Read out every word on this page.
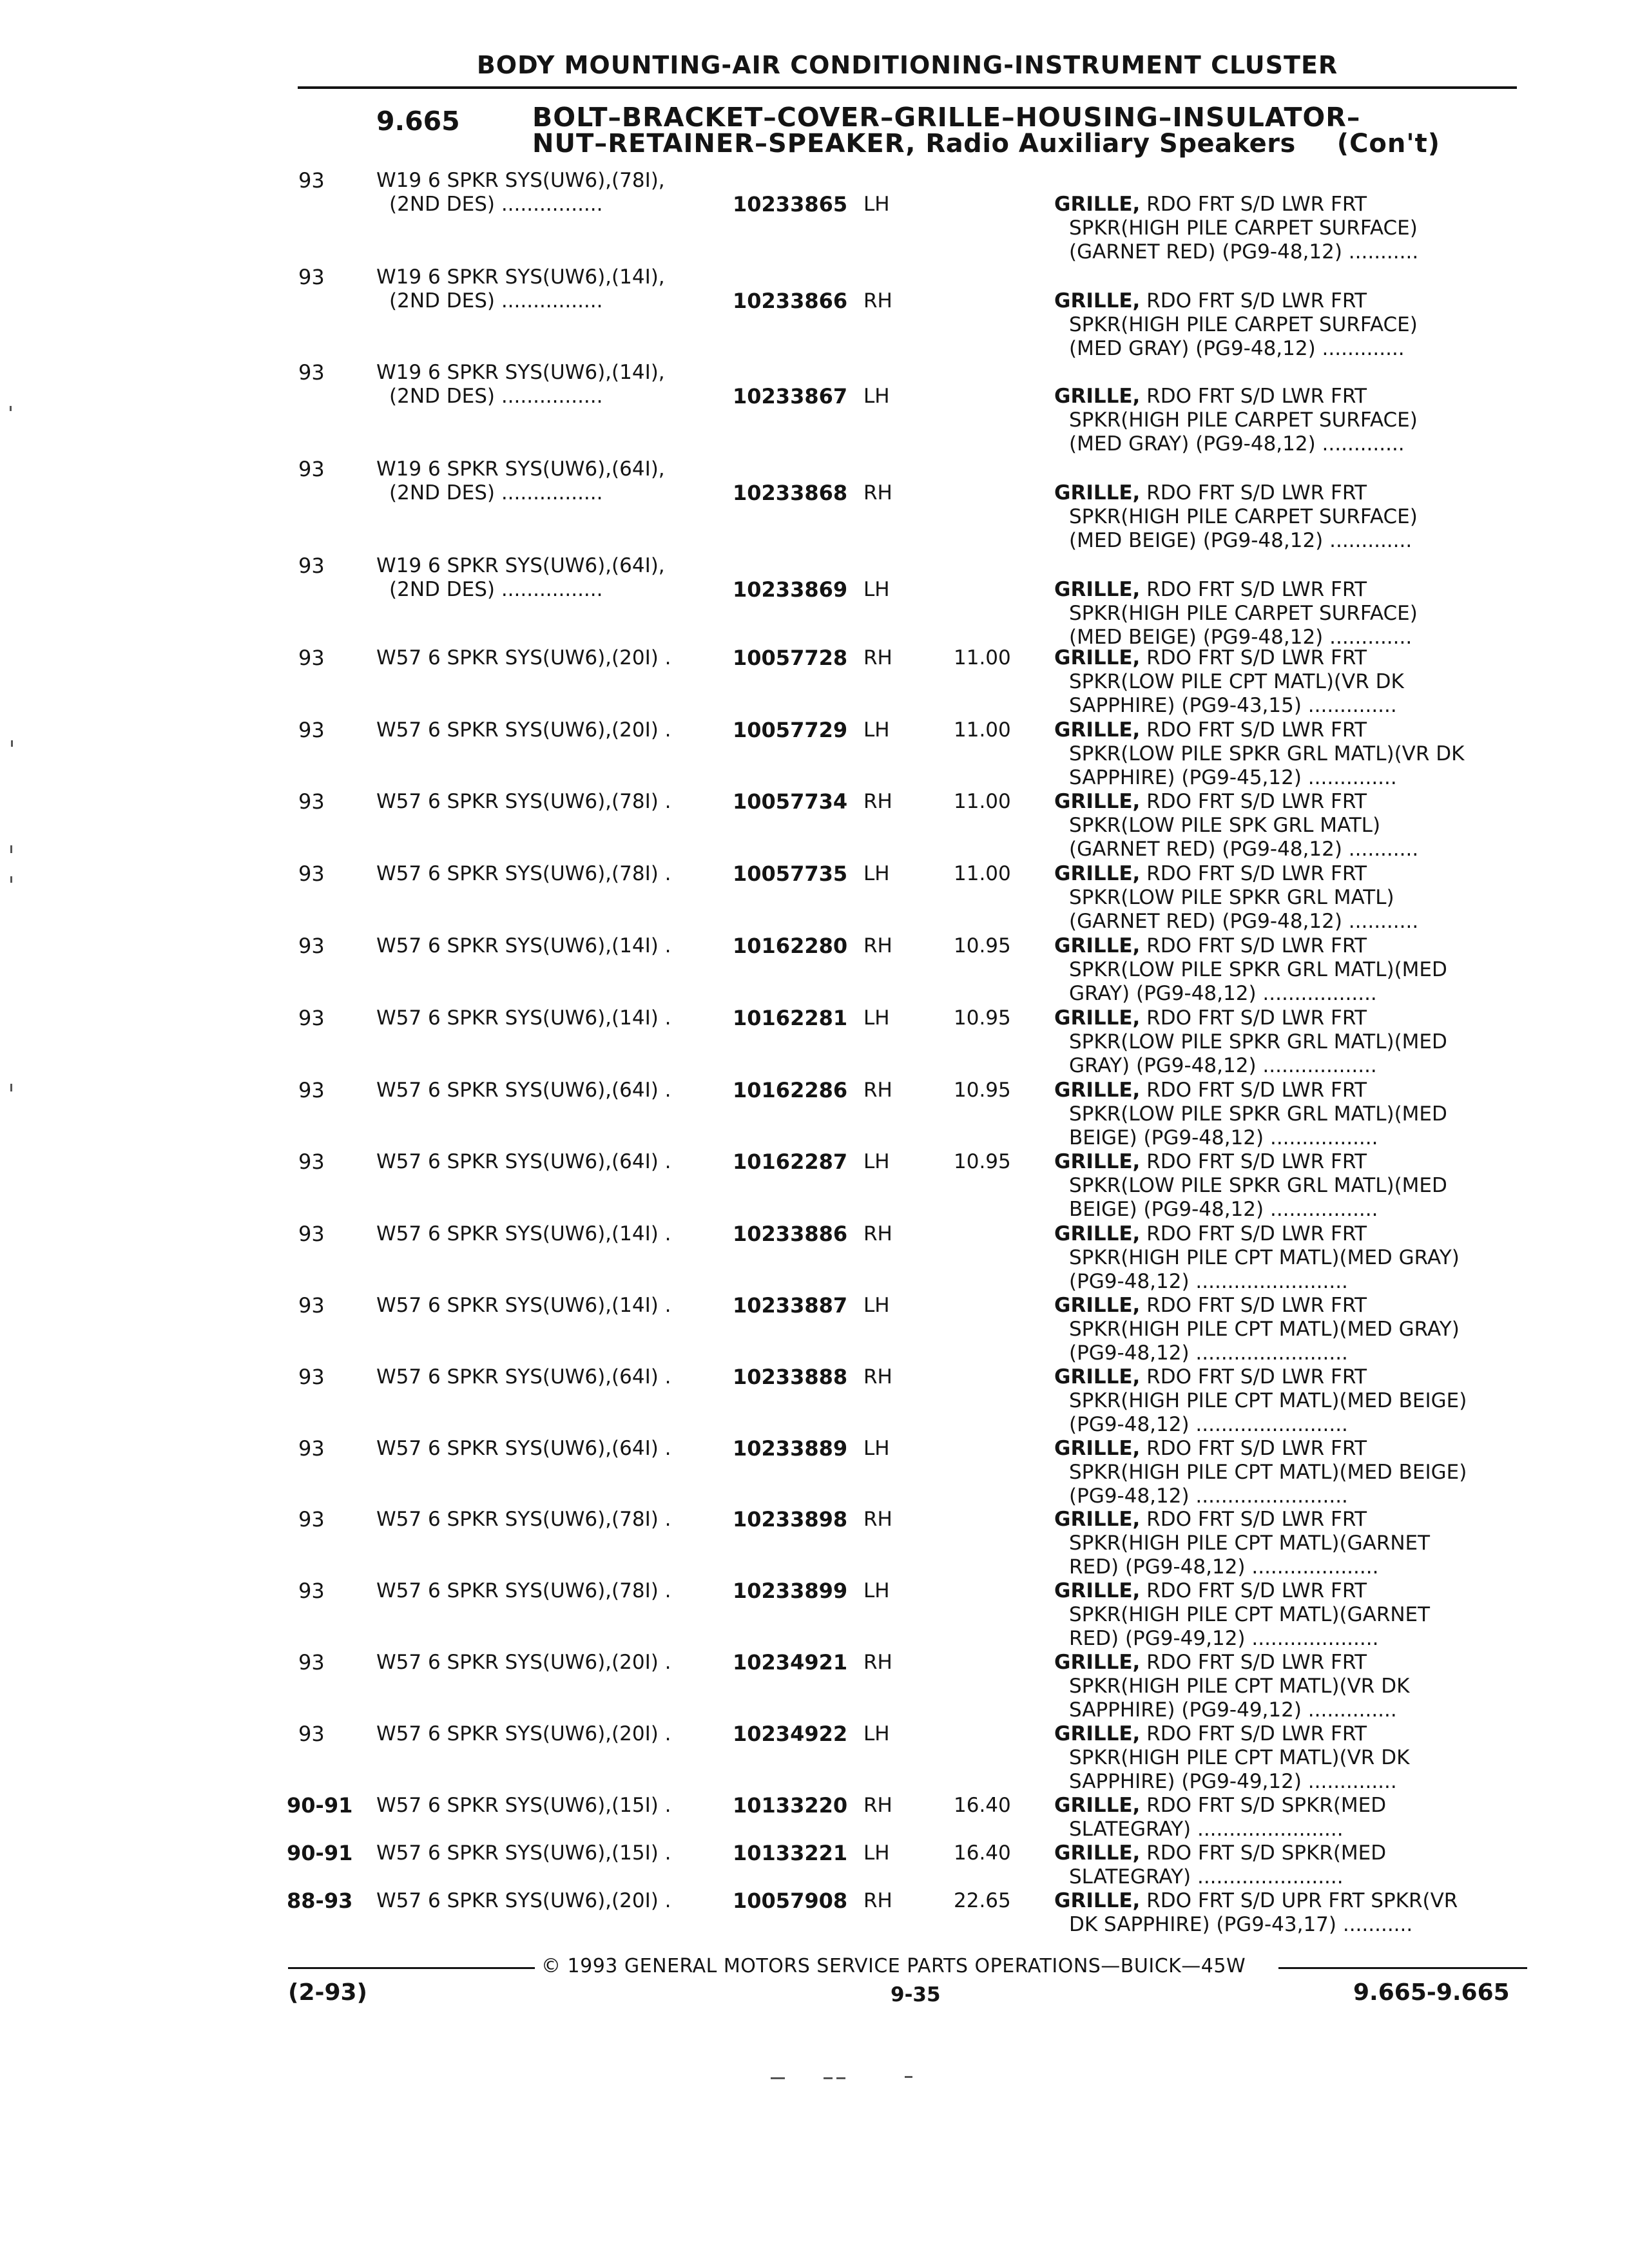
BODY MOUNTING-AIR CONDITIONING-INSTRUMENT CLUSTER
9.665	BOLT–BRACKET–COVER–GRILLE–HOUSING–INSULATOR–
NUT–RETAINER–SPEAKER, Radio Auxiliary Speakers (Con't)
93	W19 6 SPKR SYS(UW6),(78I),
(2ND DES) ................	10233865 LH	GRILLE, RDO FRT S/D LWR FRT
SPKR(HIGH PILE CARPET SURFACE)
(GARNET RED) (PG9-48,12) ...........
93	W19 6 SPKR SYS(UW6),(14I),
(2ND DES) ................	10233866 RH	GRILLE, RDO FRT S/D LWR FRT
SPKR(HIGH PILE CARPET SURFACE)
(MED GRAY) (PG9-48,12) .............
93	W19 6 SPKR SYS(UW6),(14I),
(2ND DES) ................	10233867 LH	GRILLE, RDO FRT S/D LWR FRT
SPKR(HIGH PILE CARPET SURFACE)
(MED GRAY) (PG9-48,12) .............
93	W19 6 SPKR SYS(UW6),(64I),
(2ND DES) ................	10233868 RH	GRILLE, RDO FRT S/D LWR FRT
SPKR(HIGH PILE CARPET SURFACE)
(MED BEIGE) (PG9-48,12) .............
93	W19 6 SPKR SYS(UW6),(64I),
(2ND DES) ................	10233869 LH	GRILLE, RDO FRT S/D LWR FRT
SPKR(HIGH PILE CARPET SURFACE)
(MED BEIGE) (PG9-48,12) .............
93	W57 6 SPKR SYS(UW6),(20I) .	10057728 RH	11.00 GRILLE, RDO FRT S/D LWR FRT
SPKR(LOW PILE CPT MATL)(VR DK
SAPPHIRE) (PG9-43,15) ..............
93	W57 6 SPKR SYS(UW6),(20I) .	10057729 LH	11.00 GRILLE, RDO FRT S/D LWR FRT
SPKR(LOW PILE SPKR GRL MATL)(VR DK
SAPPHIRE) (PG9-45,12) ..............
93	W57 6 SPKR SYS(UW6),(78I) .	10057734 RH	11.00 GRILLE, RDO FRT S/D LWR FRT
SPKR(LOW PILE SPK GRL MATL)
(GARNET RED) (PG9-48,12) ...........
93	W57 6 SPKR SYS(UW6),(78I) .	10057735 LH	11.00 GRILLE, RDO FRT S/D LWR FRT
SPKR(LOW PILE SPKR GRL MATL)
(GARNET RED) (PG9-48,12) ...........
93	W57 6 SPKR SYS(UW6),(14I) .	10162280 RH	10.95 GRILLE, RDO FRT S/D LWR FRT
SPKR(LOW PILE SPKR GRL MATL)(MED
GRAY) (PG9-48,12) ..................
93	W57 6 SPKR SYS(UW6),(14I) .	10162281 LH	10.95 GRILLE, RDO FRT S/D LWR FRT
SPKR(LOW PILE SPKR GRL MATL)(MED
GRAY) (PG9-48,12) ..................
93	W57 6 SPKR SYS(UW6),(64I) .	10162286 RH	10.95 GRILLE, RDO FRT S/D LWR FRT
SPKR(LOW PILE SPKR GRL MATL)(MED
BEIGE) (PG9-48,12) .................
93	W57 6 SPKR SYS(UW6),(64I) .	10162287 LH	10.95 GRILLE, RDO FRT S/D LWR FRT
SPKR(LOW PILE SPKR GRL MATL)(MED
BEIGE) (PG9-48,12) .................
93	W57 6 SPKR SYS(UW6),(14I) .	10233886 RH	GRILLE, RDO FRT S/D LWR FRT
SPKR(HIGH PILE CPT MATL)(MED GRAY)
(PG9-48,12) ........................
93	W57 6 SPKR SYS(UW6),(14I) .	10233887 LH	GRILLE, RDO FRT S/D LWR FRT
SPKR(HIGH PILE CPT MATL)(MED GRAY)
(PG9-48,12) ........................
93	W57 6 SPKR SYS(UW6),(64I) .	10233888 RH	GRILLE, RDO FRT S/D LWR FRT
SPKR(HIGH PILE CPT MATL)(MED BEIGE)
(PG9-48,12) ........................
93	W57 6 SPKR SYS(UW6),(64I) .	10233889 LH	GRILLE, RDO FRT S/D LWR FRT
SPKR(HIGH PILE CPT MATL)(MED BEIGE)
(PG9-48,12) ........................
93	W57 6 SPKR SYS(UW6),(78I) .	10233898 RH	GRILLE, RDO FRT S/D LWR FRT
SPKR(HIGH PILE CPT MATL)(GARNET
RED) (PG9-48,12) ....................
93	W57 6 SPKR SYS(UW6),(78I) .	10233899 LH	GRILLE, RDO FRT S/D LWR FRT
SPKR(HIGH PILE CPT MATL)(GARNET
RED) (PG9-49,12) ....................
93	W57 6 SPKR SYS(UW6),(20I) .	10234921 RH	GRILLE, RDO FRT S/D LWR FRT
SPKR(HIGH PILE CPT MATL)(VR DK
SAPPHIRE) (PG9-49,12) ..............
93	W57 6 SPKR SYS(UW6),(20I) .	10234922 LH	GRILLE, RDO FRT S/D LWR FRT
SPKR(HIGH PILE CPT MATL)(VR DK
SAPPHIRE) (PG9-49,12) ..............
90-91 W57 6 SPKR SYS(UW6),(15I) .	10133220 RH	16.40 GRILLE, RDO FRT S/D SPKR(MED
SLATEGRAY) .......................
90-91 W57 6 SPKR SYS(UW6),(15I) .	10133221 LH	16.40 GRILLE, RDO FRT S/D SPKR(MED
SLATEGRAY) .......................
88-93 W57 6 SPKR SYS(UW6),(20I) .	10057908 RH	22.65 GRILLE, RDO FRT S/D UPR FRT SPKR(VR
DK SAPPHIRE) (PG9-43,17) ...........
© 1993 GENERAL MOTORS SERVICE PARTS OPERATIONS—BUICK—45W
(2-93)	9-35	9.665-9.665
